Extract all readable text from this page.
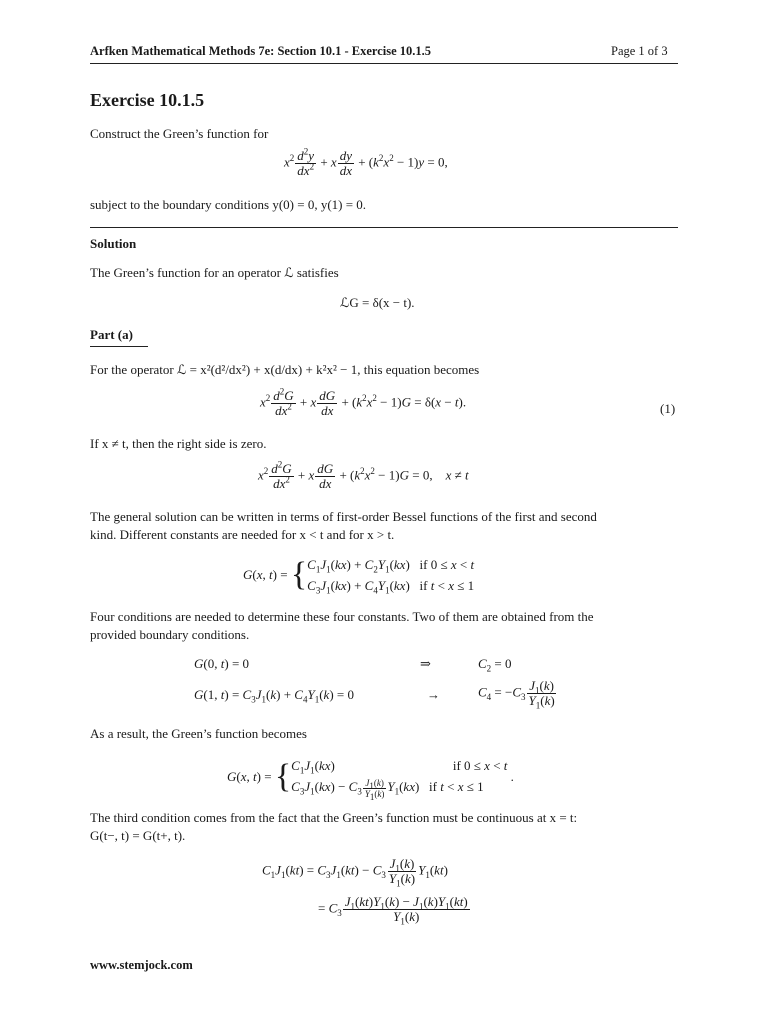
Arfken Mathematical Methods 7e: Section 10.1 - Exercise 10.1.5	Page 1 of 3
Exercise 10.1.5
Construct the Green’s function for
$x^2 \frac{d^2y}{dx^2} + x \frac{dy}{dx} + (k^2x^2 - 1)y = 0$,
subject to the boundary conditions y(0) = 0, y(1) = 0.
Solution
The Green’s function for an operator ℒ satisfies
ℒG = δ(x − t).
Part (a)
For the operator ℒ = x²(d²/dx²) + x(d/dx) + k²x² − 1, this equation becomes
$x^2 \frac{d^2G}{dx^2} + x \frac{dG}{dx} + (k^2x^2 - 1)G = \delta(x - t)$.	(1)
If x ≠ t, then the right side is zero.
$x^2 \frac{d^2G}{dx^2} + x \frac{dG}{dx} + (k^2x^2 - 1)G = 0$,    x ≠ t
The general solution can be written in terms of first-order Bessel functions of the first and second
kind. Different constants are needed for x < t and for x > t.
G(x, t) = { $C_1J_1(kx) + C_2Y_1(kx)$   if 0 ≤ x < t
$C_3J_1(kx) + C_4Y_1(kx)$   if t < x ≤ 1
Four conditions are needed to determine these four constants. Two of them are obtained from the
provided boundary conditions.
G(0, t) = 0	⇒	$C_2 = 0$
G(1, $t) = C_3J_1(k) + C_4Y_1(k) = 0$	→	$C_4 = -C_3 \frac{J_1(k)}{Y_1(k)}$
As a result, the Green’s function becomes
G(x, t) = { $C_1J_1(kx)$	if 0 ≤ x < t
$C_3J_1(kx) - C_3 \frac{J_1(k)}{Y_1(k)} Y_1(kx)$   if t < x ≤ 1
.
The third condition comes from the fact that the Green’s function must be continuous at x = t:
G(t−, t) = G(t+, t).
$C_1J_1(kt) = C_3J_1(kt) - C_3 \frac{J_1(k)}{Y_1(k)} Y_1(kt)$
= $C_3 \frac{J_1(kt)Y_1(k) - J_1(k)Y_1(kt)}{Y_1(k)}$
www.stemjock.com
